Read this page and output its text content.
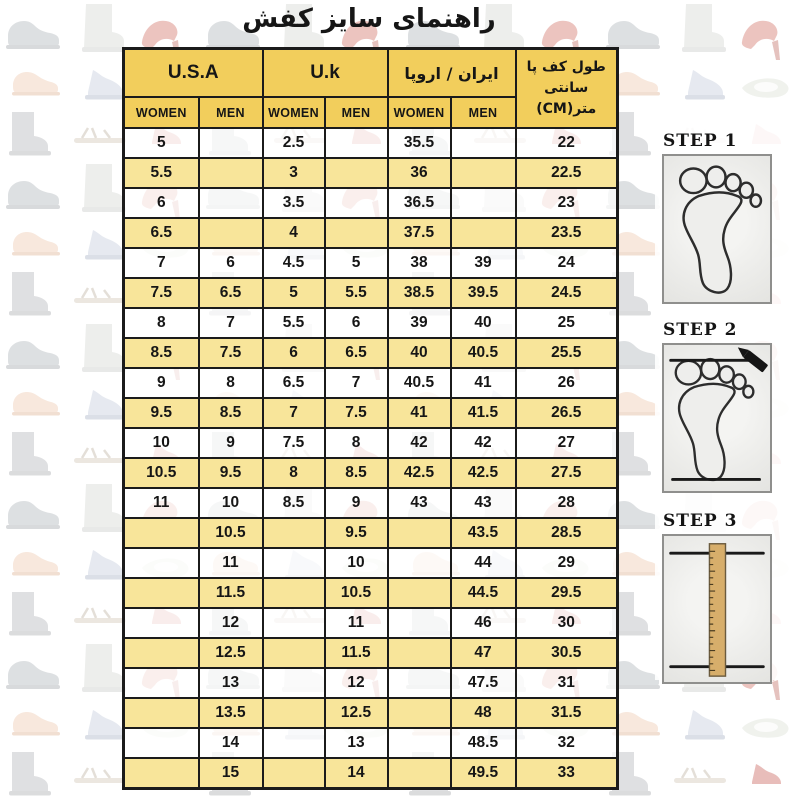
راهنمای سایز کفش
U.S.A		U.k		ایران / اروپا		طول کف پا
سانتی متر(CM)

WOMEN	MEN	WOMEN	MEN	WOMEN	MEN	
5		2.5		35.5		22
5.5		3		36		22.5
6		3.5		36.5		23
6.5		4		37.5		23.5
7	6	4.5	5	38	39	24
7.5	6.5	5	5.5	38.5	39.5	24.5
8	7	5.5	6	39	40	25
8.5	7.5	6	6.5	40	40.5	25.5
9	8	6.5	7	40.5	41	26
9.5	8.5	7	7.5	41	41.5	26.5
10	9	7.5	8	42	42	27
10.5	9.5	8	8.5	42.5	42.5	27.5
11	10	8.5	9	43	43	28
	10.5		9.5		43.5	28.5
	11		10		44	29
	11.5		10.5		44.5	29.5
	12		11		46	30
	12.5		11.5		47	30.5
	13		12		47.5	31
	13.5		12.5		48	31.5
	14		13		48.5	32
	15		14		49.5	33
STEP 1
STEP 2
STEP 3
